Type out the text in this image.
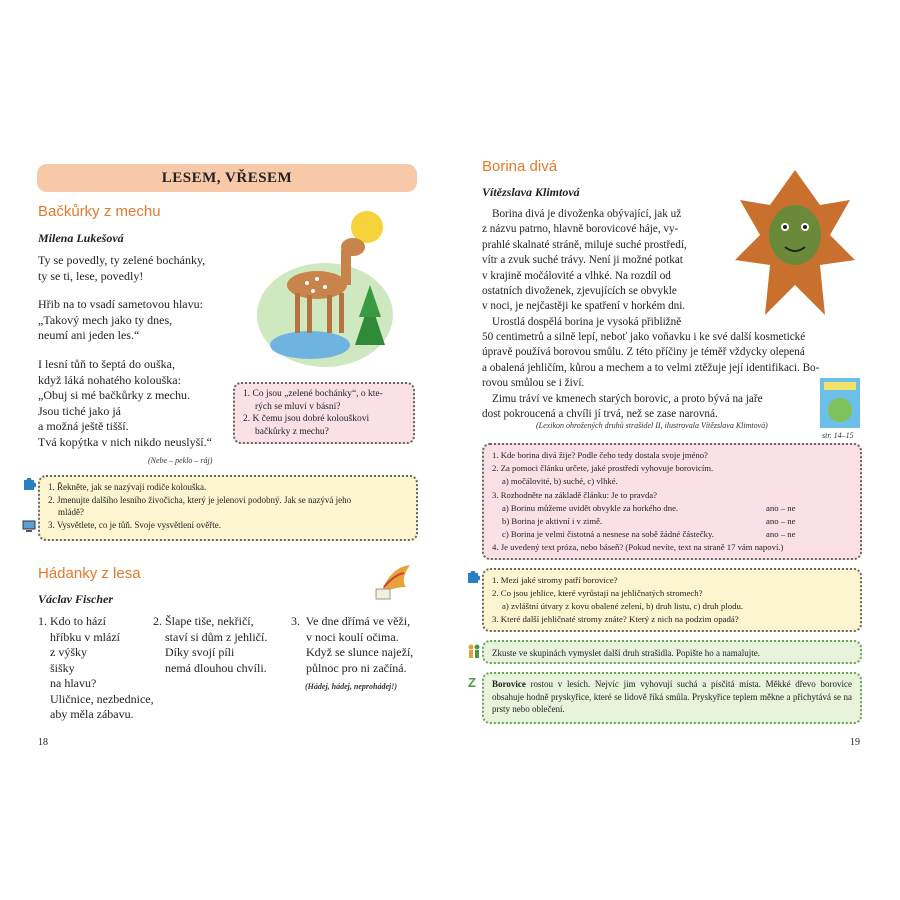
LESEM, VŘESEM
Bačkůrky z mechu
Milena Lukešová
Ty se povedly, ty zelené bochánky,
ty se ti, lese, povedly!
Hřib na to vsadí sametovou hlavu:
„Takový mech jako ty dnes,
neumí ani jeden les.“
I lesní tůň to šeptá do ouška,
když láká nohatého kolouška:
„Obuj si mé bačkůrky z mechu.
Jsou tiché jako já
a možná ještě tišší.
Tvá kopýtka v nich nikdo neuslyší.“
(Nebe – peklo – ráj)
1. Co jsou „zelené bochánky“, o kte-
rých se mluví v básni?
2. K čemu jsou dobré kolouškovi
bačkůrky z mechu?
1. Řekněte, jak se nazývají rodiče kolouška.
2. Jmenujte dalšího lesního živočicha, který je jelenovi podobný. Jak se nazývá jeho
mládě?
3. Vysvětlete, co je tůň. Svoje vysvětlení ověřte.
Hádanky z lesa
Václav Fischer
1. Kdo to hází
hříbku v mlází
z výšky
šišky
na hlavu?
Uličnice, nezbednice,
aby měla zábavu.
2. Šlape tiše, nekřičí,
staví si dům z jehličí.
Díky svojí píli
nemá dlouhou chvíli.
3.  Ve dne dřímá ve věži,
v noci koulí očima.
Když se slunce naježí,
půlnoc pro ni začíná.
(Hádej, hádej, neprohádej!)
18
Borina divá
Vítězslava Klimtová
Borina divá je divoženka obývající, jak už
z názvu patrno, hlavně borovicové háje, vy-
prahlé skalnaté stráně, miluje suché prostředí,
vítr a zvuk suché trávy. Není ji možné potkat
v krajině močálovité a vlhké. Na rozdíl od
ostatních divoženek, zjevujících se obvykle
v noci, je nejčastěji ke spatření v horkém dni.
Urostlá dospělá borina je vysoká přibližně
50 centimetrů a silně lepí, neboť jako voňavku i ke své další kosmetické
úpravě používá borovou smůlu. Z této příčiny je téměř vždycky olepená
a obalená jehličím, kůrou a mechem a to velmi ztěžuje její identifikaci. Bo-
rovou smůlou se i živí.
Zimu tráví ve kmenech starých borovic, a proto bývá na jaře
dost pokroucená a chvíli jí trvá, než se zase narovná.
str. 14–15
(Lexikon ohrožených druhů strašidel II, ilustrovala Vítězslava Klimtová)
1. Kde borina divá žije? Podle čeho tedy dostala svoje jméno?
2. Za pomoci článku určete, jaké prostředí vyhovuje borovicím.
a) močálovité, b) suché, c) vlhké.
3. Rozhodněte na základě článku: Je to pravda?
a) Borinu můžeme uvidět obvykle za horkého dne.	ano – ne
b) Borina je aktivní i v zimě.	ano – ne
c) Borina je velmi čistotná a nesnese na sobě žádné částečky.	ano – ne
4. Je uvedený text próza, nebo báseň? (Pokud nevíte, text na straně 17 vám napoví.)
1. Mezi jaké stromy patří borovice?
2. Co jsou jehlice, které vyrůstají na jehličnatých stromech?
a) zvláštní útvary z kovu obalené zelení, b) druh listu, c) druh plodu.
3. Které další jehličnaté stromy znáte? Který z nich na podzim opadá?
Zkuste ve skupinách vymyslet další druh strašidla. Popište ho a namalujte.
Z	Borovice rostou v lesích. Nejvíc jim vyhovují suchá a písčitá místa. Měkké dřevo borovice obsahuje hodně pryskyřice, které se lidově říká smůla. Pryskyřice teplem měkne a přichytává se na prsty nebo oblečení.
19
